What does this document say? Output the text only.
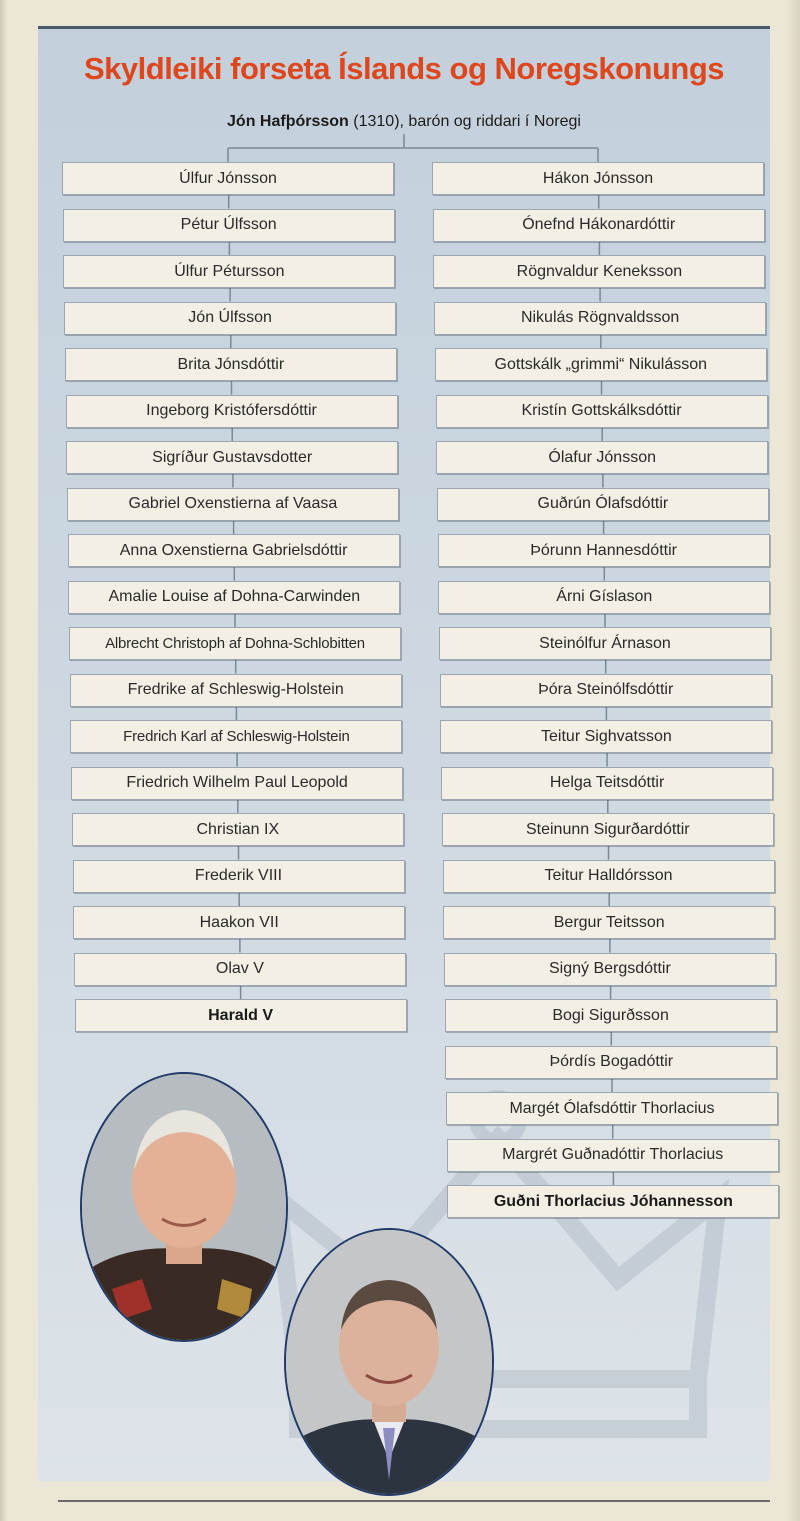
Skyldleiki forseta Íslands og Noregskonungs
Jón Hafþórsson (1310), barón og riddari í Noregi
Úlfur Jónsson
Pétur Úlfsson
Úlfur Pétursson
Jón Úlfsson
Brita Jónsdóttir
Ingeborg Kristófersdóttir
Sigríður Gustavsdotter
Gabriel Oxenstierna af Vaasa
Anna Oxenstierna Gabrielsdóttir
Amalie Louise af Dohna-Carwinden
Albrecht Christoph af Dohna-Schlobitten
Fredrike af Schleswig-Holstein
Fredrich Karl af Schleswig-Holstein
Friedrich Wilhelm Paul Leopold
Christian IX
Frederik VIII
Haakon VII
Olav V
Harald V
Hákon Jónsson
Ónefnd Hákonardóttir
Rögnvaldur Keneksson
Nikulás Rögnvaldsson
Gottskálk „grimmi“ Nikulásson
Kristín Gottskálksdóttir
Ólafur Jónsson
Guðrún Ólafsdóttir
Þórunn Hannesdóttir
Árni Gíslason
Steinólfur Árnason
Þóra Steinólfsdóttir
Teitur Sighvatsson
Helga Teitsdóttir
Steinunn Sigurðardóttir
Teitur Halldórsson
Bergur Teitsson
Signý Bergsdóttir
Bogi Sigurðsson
Þórdís Bogadóttir
Margét Ólafsdóttir Thorlacius
Margrét Guðnadóttir Thorlacius
Guðni Thorlacius Jóhannesson
